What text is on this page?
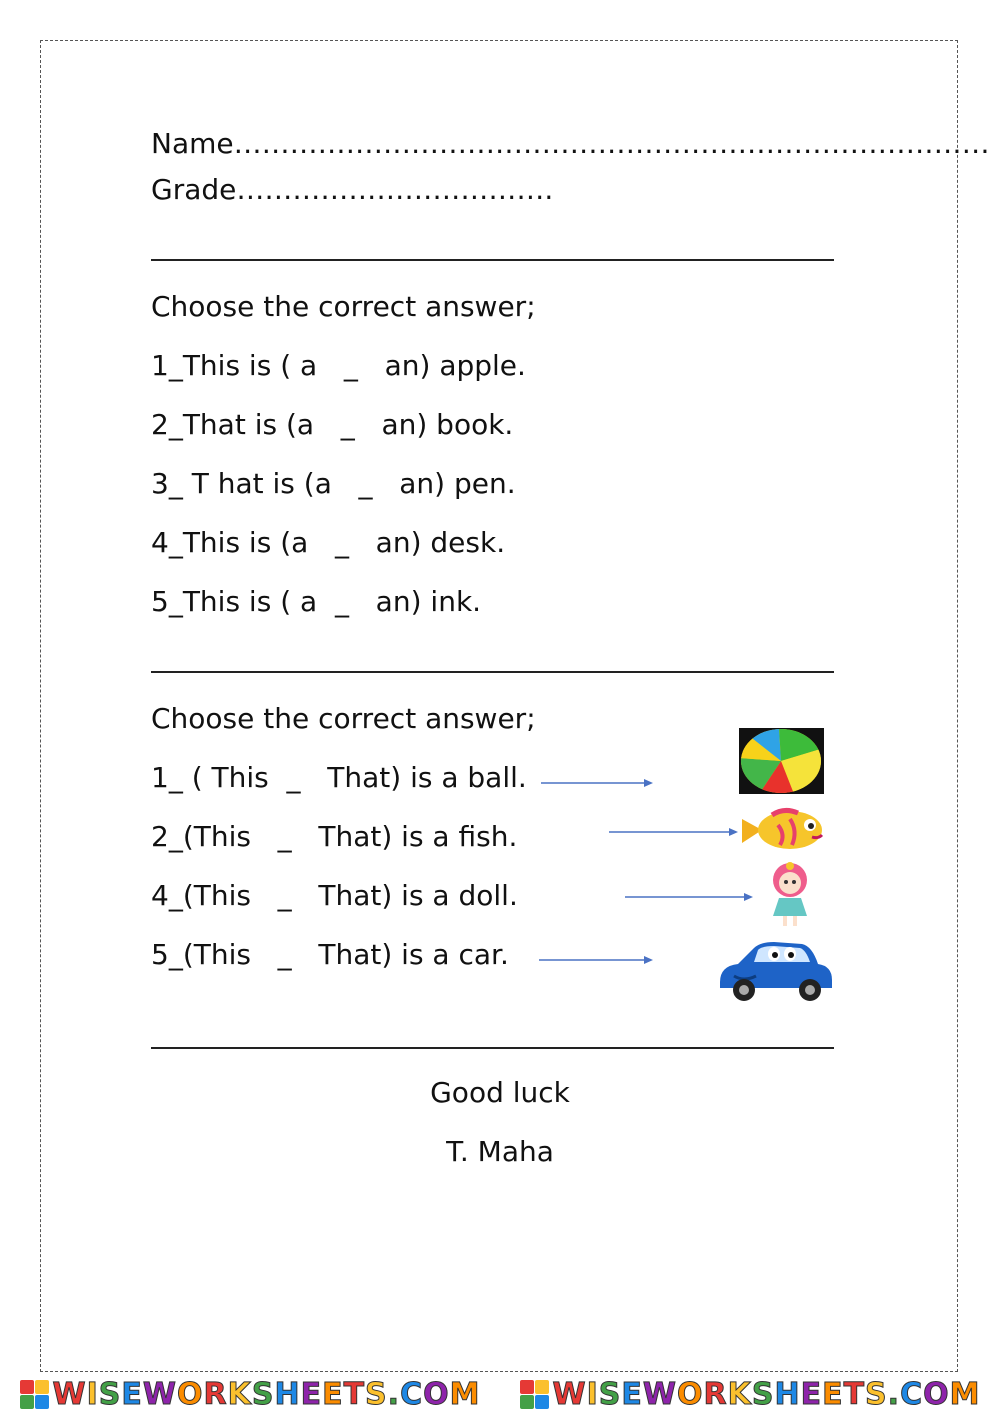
Name………………………………………………………………………
Grade…………………………….
Choose the correct answer;
1_This is ( a   _   an) apple.
2_That is (a   _   an) book.
3_ T hat is (a   _   an) pen.
4_This is (a   _   an) desk.
5_This is ( a  _   an) ink.
Choose the correct answer;
1_ ( This  _   That) is a ball.
2_(This   _   That) is a fish.
4_(This   _   That) is a doll.
5_(This   _   That) is a car.
Good luck
T. Maha
WISEWORKSHEETS.COM WISEWORKSHEETS.COM
